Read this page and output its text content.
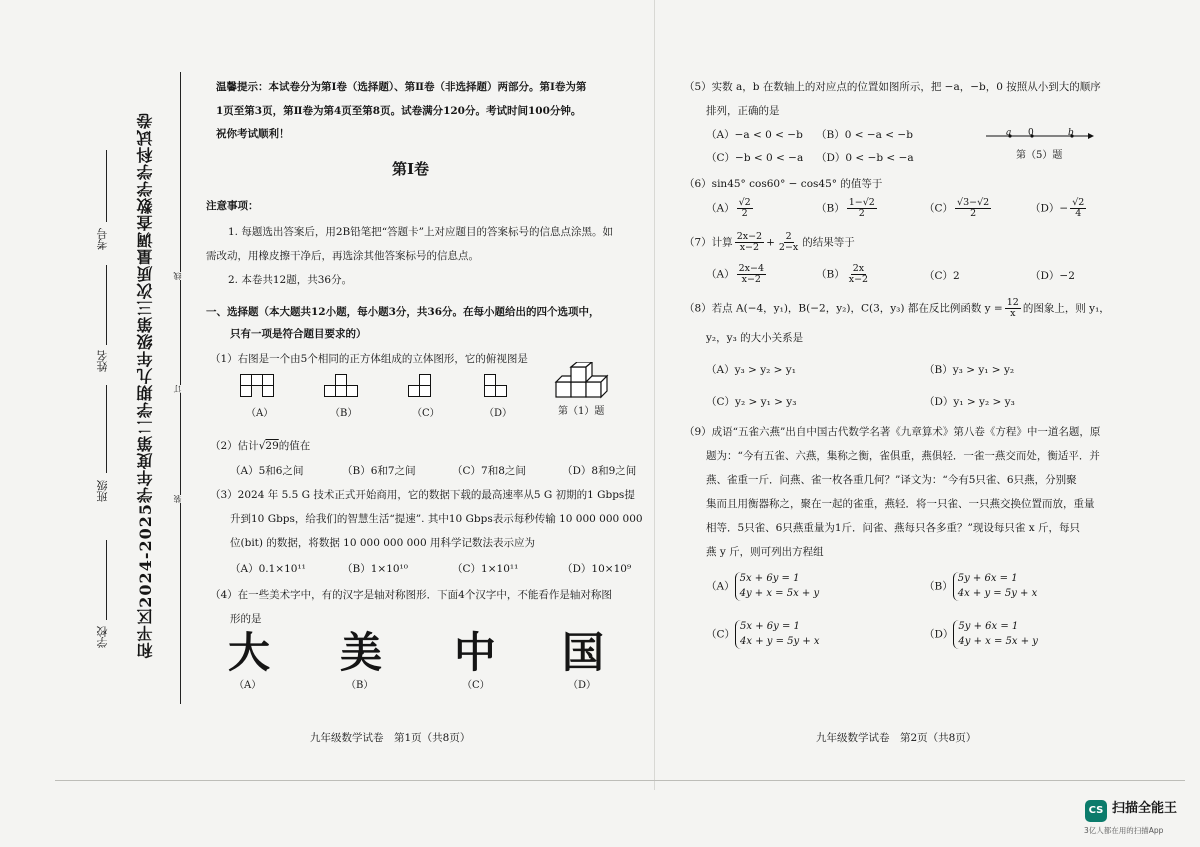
和平区2024-2025学年度第二学期九年级第三次质量调查数学学科试卷
学校
班级
姓名
考号
装
订
线
温馨提示：本试卷分为第Ⅰ卷（选择题）、第Ⅱ卷（非选择题）两部分。第Ⅰ卷为第
1页至第3页，第Ⅱ卷为第4页至第8页。试卷满分120分。考试时间100分钟。
祝你考试顺利！
第Ⅰ卷
注意事项：
1. 每题选出答案后，用2B铅笔把“答题卡”上对应题目的答案标号的信息点涂黑。如
需改动，用橡皮擦干净后，再选涂其他答案标号的信息点。
2. 本卷共12题，共36分。
一、选择题（本大题共12小题，每小题3分，共36分。在每小题给出的四个选项中，
只有一项是符合题目要求的）
（1）右图是一个由5个相同的正方体组成的立体图形，它的俯视图是
（A）	（B）	（C）	（D）	第（1）题
（2）估计√29的值在
（A）5和6之间	（B）6和7之间	（C）7和8之间	（D）8和9之间
（3）2024 年 5.5 G 技术正式开始商用，它的数据下载的最高速率从5 G 初期的1 Gbps提
升到10 Gbps，给我们的智慧生活“提速”. 其中10 Gbps表示每秒传输 10 000 000 000
位(bit) 的数据，将数据 10 000 000 000 用科学记数法表示应为
（A）0.1×10¹¹	（B）1×10¹⁰	（C）1×10¹¹	（D）10×10⁹
（4）在一些美术字中，有的汉字是轴对称图形．下面4个汉字中，不能看作是轴对称图
形的是
大 美 中 国
（A）	（B）	（C）	（D）
九年级数学试卷　第1页（共8页）
（5）实数 a，b 在数轴上的对应点的位置如图所示，把 −a，−b，0 按照从小到大的顺序
排列，正确的是
（A）−a < 0 < −b （B）0 < −a < −b
（C）−b < 0 < −a （D）0 < −b < −a
a 0	b
第（5）题
（6）sin45° cos60° − cos45° 的值等于
$(A) \frac{√2}{2}$	$(B) \frac{1-√2}{2}$	$(C) \frac{√3-√2}{2}$	$(D)- \frac{√2}{4}$
（7）计算 $\frac{2x-2}{x-2} + \frac{2}{2-x}$ 的结果等于
$(A) \frac{2x-4}{x-2}$	$(B) \frac{2x}{x-2}$	（C）2	（D）−2
（8）若点 A(−4，y₁)，B(−2，y₂)，C(3，y₃) 都在反比例函数 $y = \frac{12}{x}$ 的图象上，则 y₁，
y₂，y₃ 的大小关系是
（A）y₃ > y₂ > y₁	（B）y₃ > y₁ > y₂
（C）y₂ > y₁ > y₃	（D）y₁ > y₂ > y₃
（9）成语“五雀六燕”出自中国古代数学名著《九章算术》第八卷《方程》中一道名题，原
题为：“今有五雀、六燕，集称之衡，雀俱重，燕俱轻．一雀一燕交而处，衡适平．并
燕、雀重一斤．问燕、雀一枚各重几何？”译文为：“今有5只雀、6只燕，分别聚
集而且用衡器称之，聚在一起的雀重，燕轻．将一只雀、一只燕交换位置而放，重量
相等．5只雀、6只燕重量为1斤．问雀、燕每只各多重？”现设每只雀 x 斤，每只
燕 y 斤，则可列出方程组
（A）5x + 6y = 1
4y + x = 5x + y
（B）5y + 6x = 1
4x + y = 5y + x
（C）5x + 6y = 1
4x + y = 5y + x
（D）5y + 6x = 1
4y + x = 5x + y
九年级数学试卷　第2页（共8页）
CS 扫描全能王
3亿人都在用的扫描App
